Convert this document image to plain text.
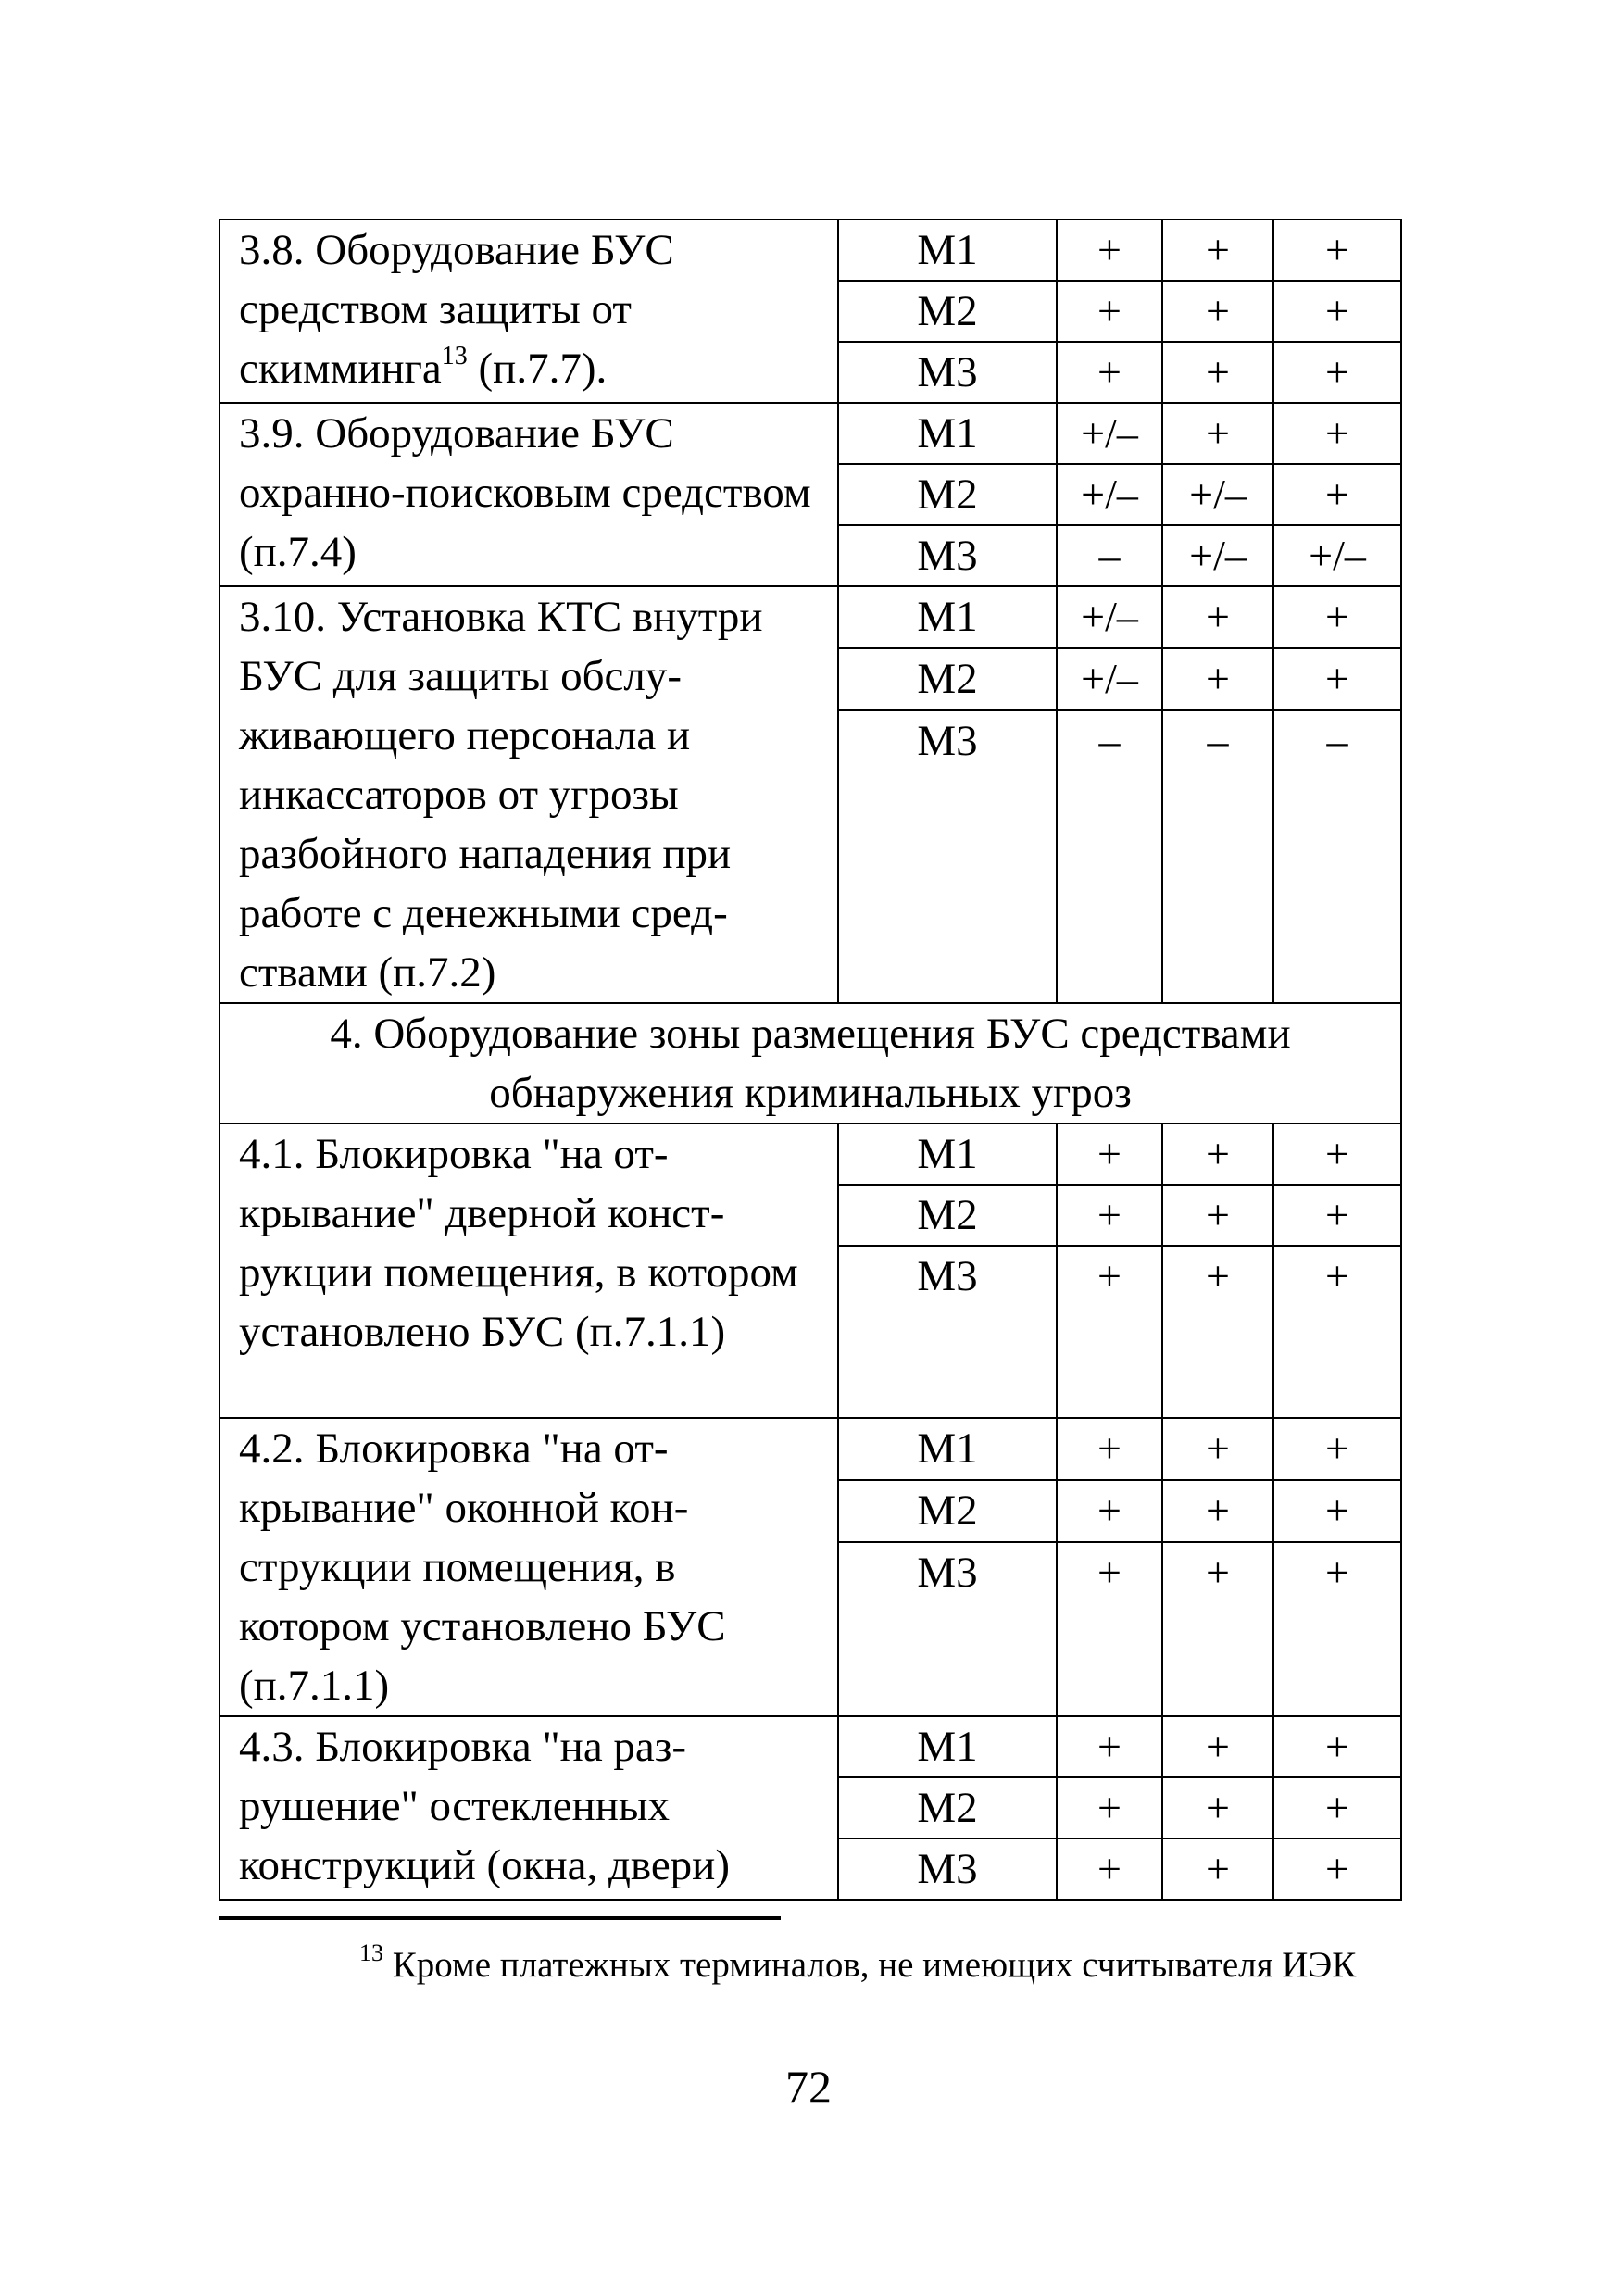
3.8. Оборудование БУС средством защиты от скимминга$^{13}$ (п.7.7).	М1	+	+	+
	М2	+	+	+
	М3	+	+	+
3.9. Оборудование БУС охранно-поисковым средством (п.7.4)	М1	+/–	+	+
	М2	+/–	+/–	+
	М3	–	+/–	+/–
3.10. Установка КТС внутри БУС для защиты обслуживающего персонала и инкассаторов от угрозы разбойного нападения при работе с денежными средствами (п.7.2)	М1	+/–	+	+
	М2	+/–	+	+
	М3	–	–	–
4. Оборудование зоны размещения БУС средствами обнаружения криминальных угроз				
4.1. Блокировка "на открывание" дверной конструкции помещения, в котором установлено БУС (п.7.1.1)	М1	+	+	+
	М2	+	+	+
	М3	+	+	+
4.2. Блокировка "на открывание" оконной конструкции помещения, в котором установлено БУС (п.7.1.1)	М1	+	+	+
	М2	+	+	+
	М3	+	+	+
4.3. Блокировка "на разрушение" остекленных конструкций (окна, двери)	М1	+	+	+
	М2	+	+	+
	М3	+	+	+
$^{13}$ Кроме платежных терминалов, не имеющих считывателя ИЭК
72
